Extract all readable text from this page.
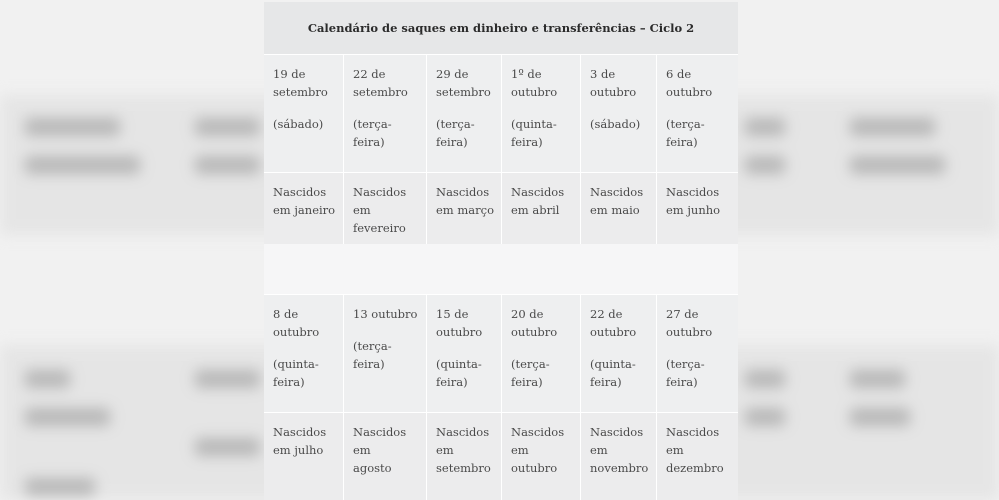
Calendário de saques em dinheiro e transferências – Ciclo 2
19 de
setembro
(sábado)
22 de
setembro
(terça-feira)
29 de
setembro
(terça-
feira)
1º de
outubro
(quinta-
feira)
3 de
outubro
(sábado)
6 de
outubro
(terça-feira)
Nascidos
em janeiro
Nascidos em
fevereiro
Nascidos
em março
Nascidos
em abril
Nascidos
em maio
Nascidos
em junho
8 de
outubro
(quinta-
feira)
13 outubro
(terça-feira)
15 de
outubro
(quinta-
feira)
20 de
outubro
(terça-feira)
22 de
outubro
(quinta-
feira)
27 de
outubro
(terça-feira)
Nascidos
em julho
Nascidos em
agosto
Nascidos
em
setembro
Nascidos
em outubro
Nascidos
em
novembro
Nascidos
em
dezembro
